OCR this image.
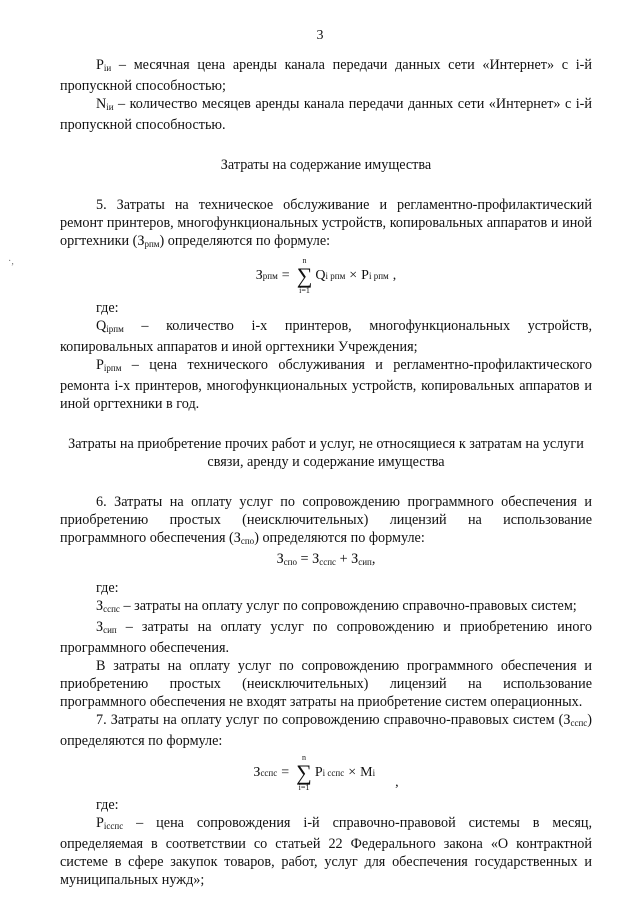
3
·,

$Р_{iи}$ – месячная цена аренды канала передачи данных сети «Интернет» с i-й пропускной способностью;

$N_{iи}$ – количество месяцев аренды канала передачи данных сети «Интернет» с i-й пропускной способностью.

Затраты на содержание имущества

5. Затраты на техническое обслуживание и регламентно-профилактический ремонт принтеров, многофункциональных устройств, копировальных аппаратов и иной оргтехники $(З_{рпм})$ определяются по формуле:

З рпм =
n
∑
i=1
Q i рпм × P i рпм ,

где:

$Q_{iрпм}$ – количество i-х принтеров, многофункциональных устройств, копировальных аппаратов и иной оргтехники Учреждения;

$Р_{iрпм}$ – цена технического обслуживания и регламентно-профилактического ремонта i-х принтеров, многофункциональных устройств, копировальных аппаратов и иной оргтехники в год.

Затраты на приобретение прочих работ и услуг, не относящиеся к затратам на услуги связи, аренду и содержание имущества

6. Затраты на оплату услуг по сопровождению программного обеспечения и приобретению простых (неисключительных) лицензий на использование программного обеспечения $(З_{спо})$ определяются по формуле:

$З_{спо} = З_{сспс} + З_{сип}$,

где:

$З_{сспс}$ – затраты на оплату услуг по сопровождению справочно-правовых систем;

$З_{сип}$ – затраты на оплату услуг по сопровождению и приобретению иного программного обеспечения.

В затраты на оплату услуг по сопровождению программного обеспечения и приобретению простых (неисключительных) лицензий на использование программного обеспечения не входят затраты на приобретение систем операционных.

7. Затраты на оплату услуг по сопровождению справочно-правовых систем $(З_{сспс})$ определяются по формуле:

З сспс =
n
∑
i=1
P i сспс × M i
,

где:

$Р_{iсспс}$ – цена сопровождения i-й справочно-правовой системы в месяц, определяемая в соответствии со статьей 22 Федерального закона «О контрактной системе в сфере закупок товаров, работ, услуг для обеспечения государственных и муниципальных нужд»;
